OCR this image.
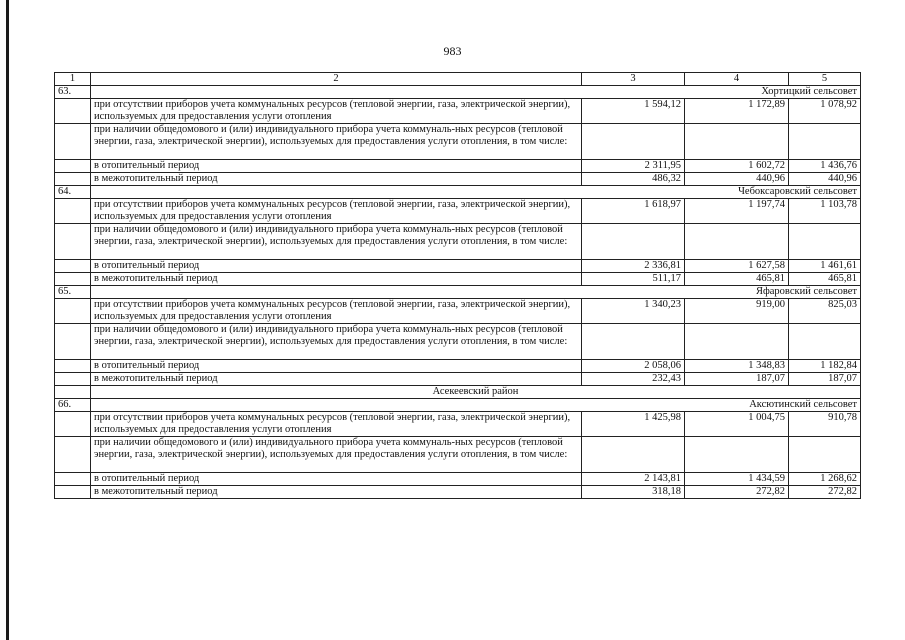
983
1	2	3	4	5
63.	Хортицкий сельсовет			
	при отсутствии приборов учета коммунальных ресурсов (тепловой энергии, газа, электрической энергии), используемых для предоставления услуги отопления	1 594,12	1 172,89	1 078,92
	при наличии общедомового и (или) индивидуального прибора учета коммуналь-ных ресурсов (тепловой энергии, газа, электрической энергии), используемых для предоставления услуги отопления, в том числе:			
	в отопительный период	2 311,95	1 602,72	1 436,76
	в межотопительный период	486,32	440,96	440,96
64.	Чебоксаровский сельсовет			
	при отсутствии приборов учета коммунальных ресурсов (тепловой энергии, газа, электрической энергии), используемых для предоставления услуги отопления	1 618,97	1 197,74	1 103,78
	при наличии общедомового и (или) индивидуального прибора учета коммуналь-ных ресурсов (тепловой энергии, газа, электрической энергии), используемых для предоставления услуги отопления, в том числе:			
	в отопительный период	2 336,81	1 627,58	1 461,61
	в межотопительный период	511,17	465,81	465,81
65.	Яфаровский сельсовет			
	при отсутствии приборов учета коммунальных ресурсов (тепловой энергии, газа, электрической энергии), используемых для предоставления услуги отопления	1 340,23	919,00	825,03
	при наличии общедомового и (или) индивидуального прибора учета коммуналь-ных ресурсов (тепловой энергии, газа, электрической энергии), используемых для предоставления услуги отопления, в том числе:			
	в отопительный период	2 058,06	1 348,83	1 182,84
	в межотопительный период	232,43	187,07	187,07
	Асекеевский район			
66.	Аксютинский сельсовет			
	при отсутствии приборов учета коммунальных ресурсов (тепловой энергии, газа, электрической энергии), используемых для предоставления услуги отопления	1 425,98	1 004,75	910,78
	при наличии общедомового и (или) индивидуального прибора учета коммуналь-ных ресурсов (тепловой энергии, газа, электрической энергии), используемых для предоставления услуги отопления, в том числе:			
	в отопительный период	2 143,81	1 434,59	1 268,62
	в межотопительный период	318,18	272,82	272,82
